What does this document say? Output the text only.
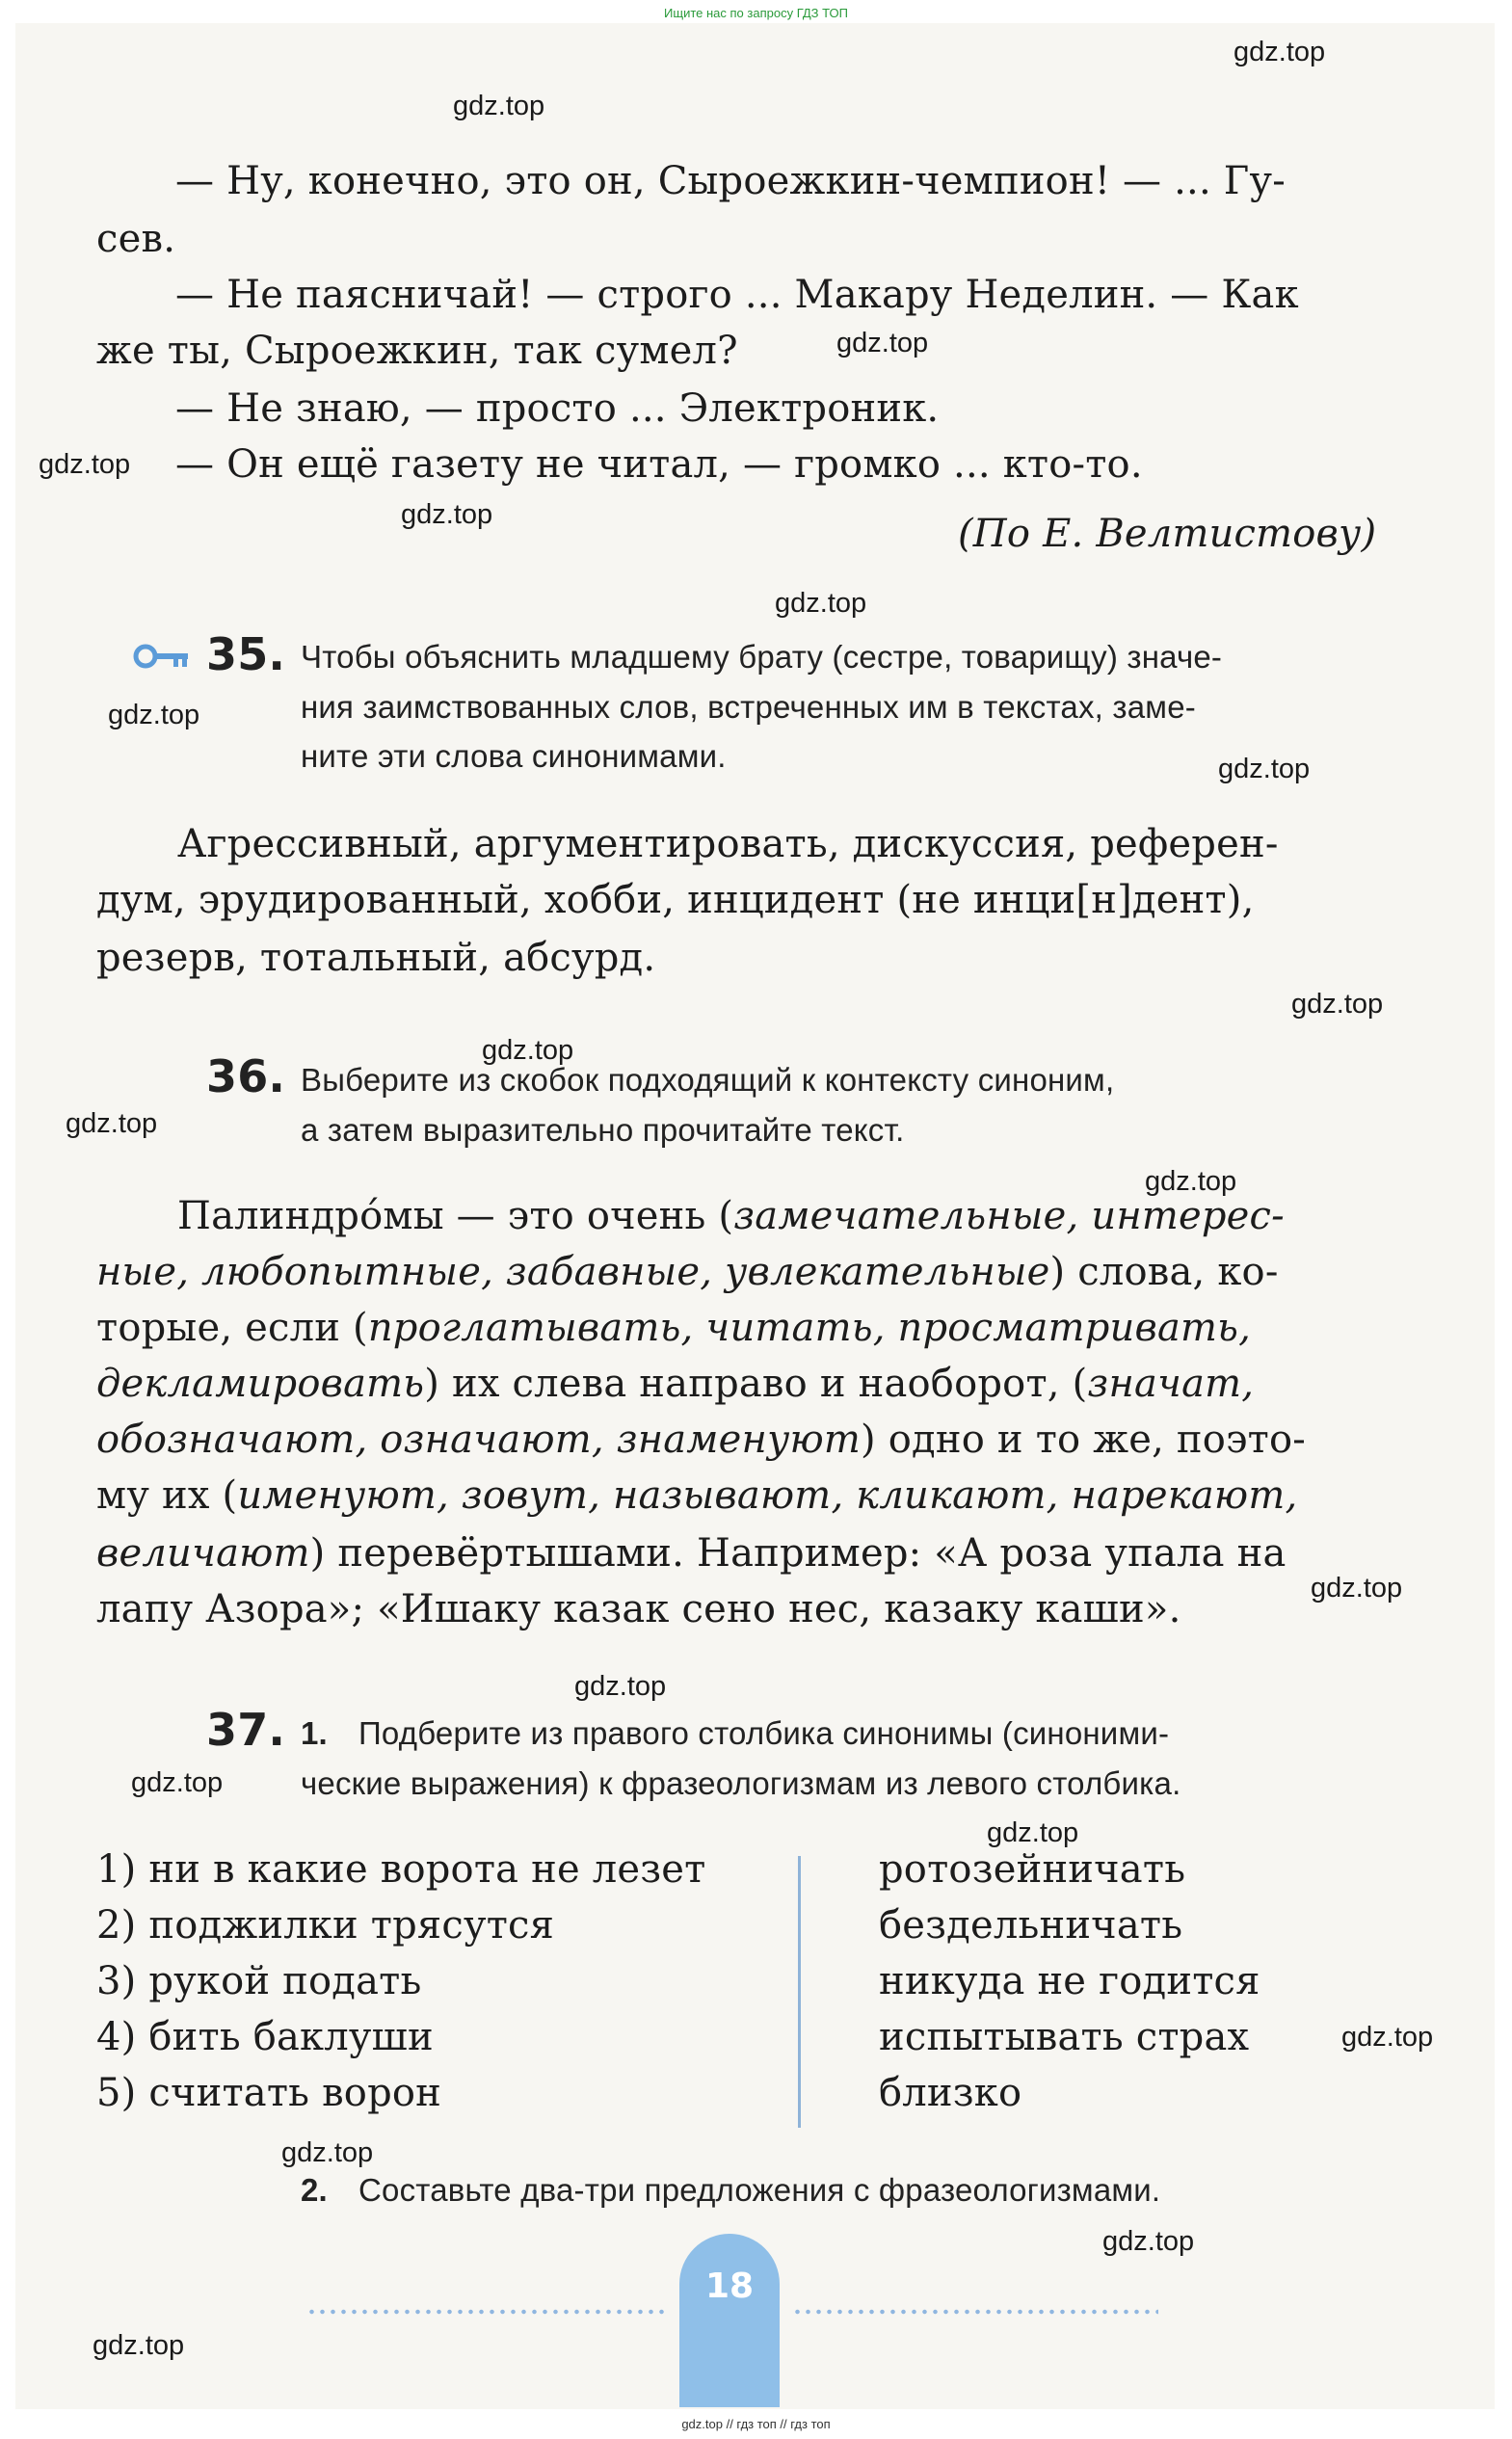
Ищите нас по запросу ГДЗ ТОП
gdz.top
gdz.top
gdz.top
gdz.top
gdz.top
gdz.top
gdz.top
gdz.top
gdz.top
gdz.top
gdz.top
gdz.top
gdz.top
gdz.top
gdz.top
gdz.top
gdz.top
gdz.top
gdz.top
gdz.top
— Ну, конечно, это он, Сыроежкин-чемпион! — ... Гу-
сев.
— Не паясничай! — строго ... Макару Неделин. — Как
же ты, Сыроежкин, так сумел?
— Не знаю, — просто ... Электроник.
— Он ещё газету не читал, — громко ... кто-то.
(По Е. Велтистову)
35. Чтобы объяснить младшему брату (сестре, товарищу) значе-
ния заимствованных слов, встреченных им в текстах, заме-
ните эти слова синонимами.
Агрессивный, аргументировать, дискуссия, референ-
дум, эрудированный, хобби, инцидент (не инци[н]дент),
резерв, тотальный, абсурд.
36. Выберите из скобок подходящий к контексту синоним,
а затем выразительно прочитайте текст.
Палиндро́мы — это очень (замечательные, интерес-
ные, любопытные, забавные, увлекательные) слова, ко-
торые, если (проглатывать, читать, просматривать,
декламировать) их слева направо и наоборот, (значат,
обозначают, означают, знаменуют) одно и то же, поэто-
му их (именуют, зовут, называют, кликают, нарекают,
величают) перевёртышами. Например: «А роза упала на
лапу Азора»; «Ишаку казак сено нес, казаку каши».
37. 1. Подберите из правого столбика синонимы (синоними-
ческие выражения) к фразеологизмам из левого столбика.
1) ни в какие ворота не лезет
2) поджилки трясутся
3) рукой подать
4) бить баклуши
5) считать ворон
ротозейничать
бездельничать
никуда не годится
испытывать страх
близко
2. Составьте два-три предложения с фразеологизмами.
18
gdz.top // гдз топ // гдз топ
